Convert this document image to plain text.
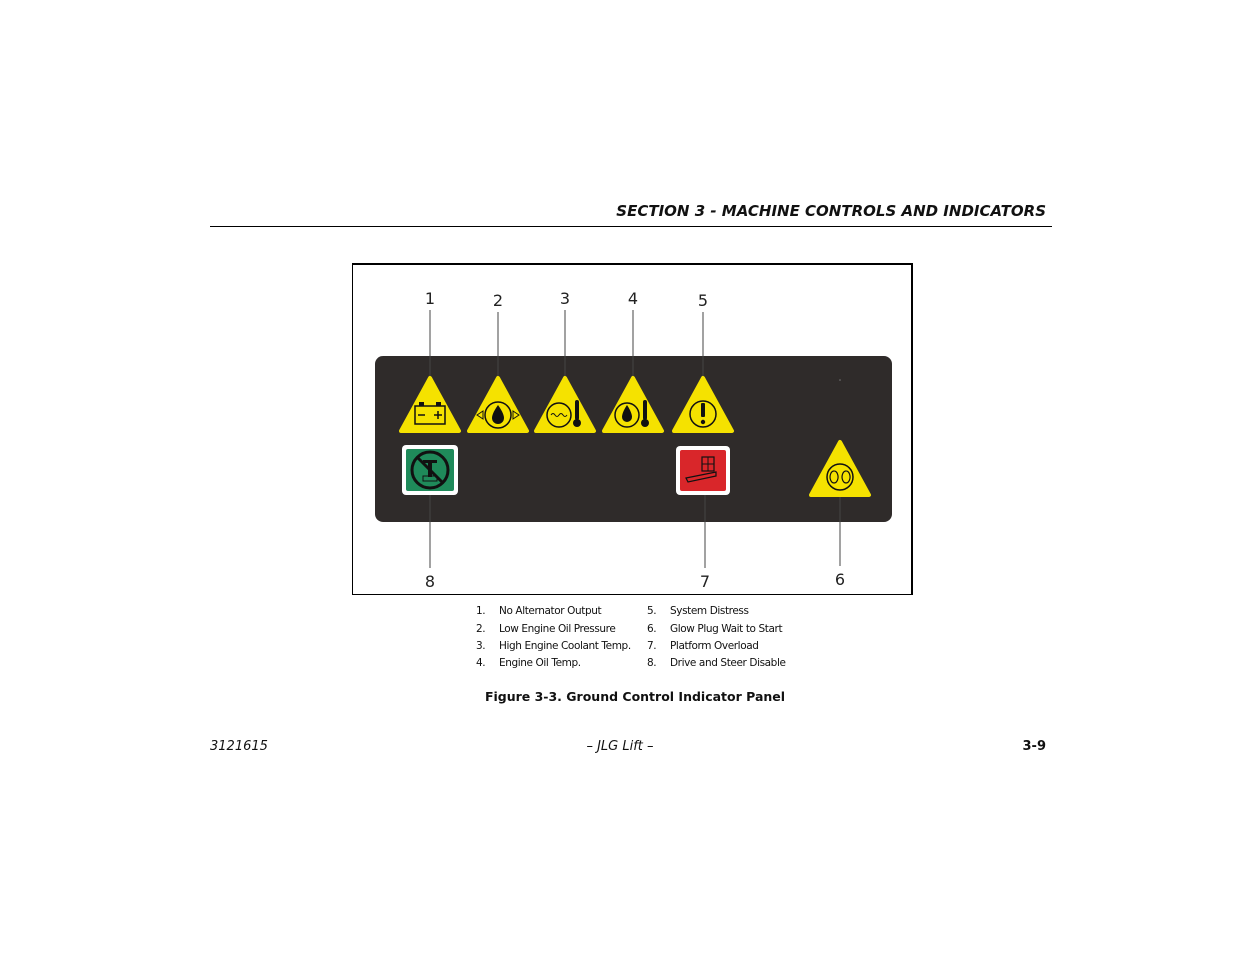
SECTION 3 - MACHINE CONTROLS AND INDICATORS
1	2	3	4	5
6
7
8
1.	No Alternator Output
2.	Low Engine Oil Pressure
3.	High Engine Coolant Temp.
4.	Engine Oil Temp.
5.	System Distress
6.	Glow Plug Wait to Start
7.	Platform Overload
8.	Drive and Steer Disable
Figure 3-3. Ground Control Indicator Panel
3121615	– JLG Lift –	3-9
